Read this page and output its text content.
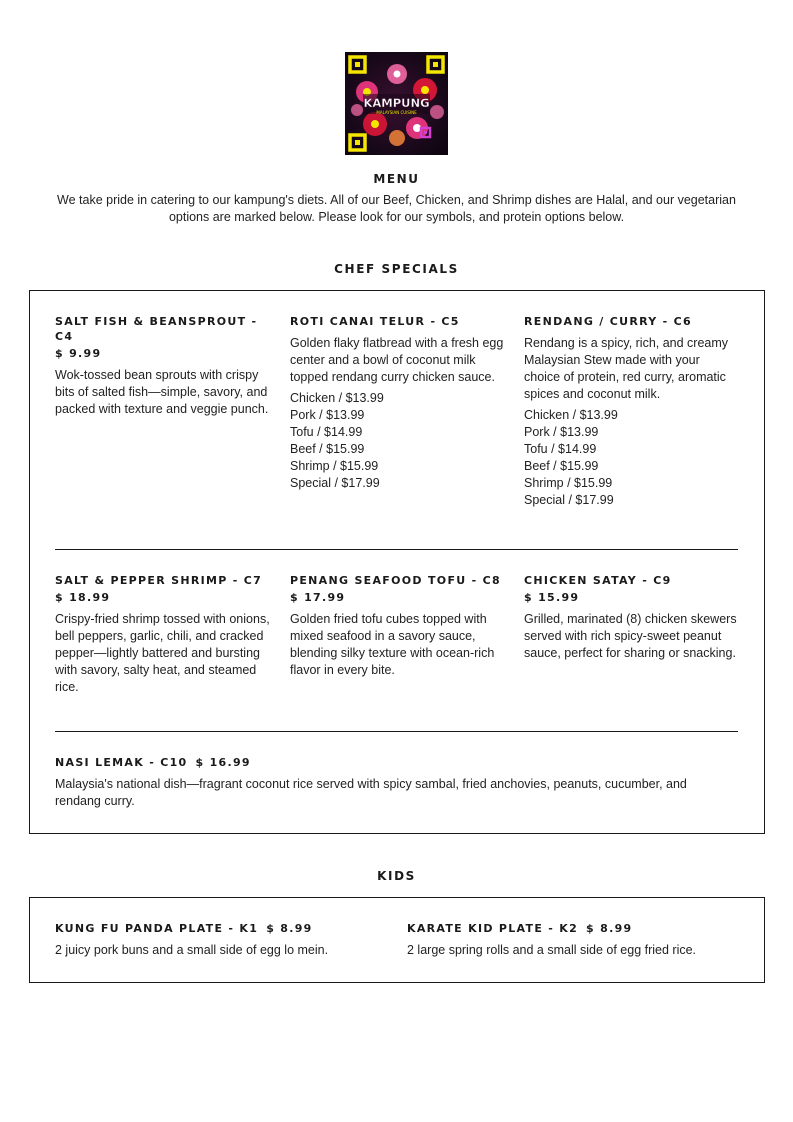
KAMPUNG
MALAYSIAN CUISINE
MENU
We take pride in catering to our kampung's diets. All of our Beef, Chicken, and Shrimp dishes are Halal, and our vegetarian options are marked below. Please look for our symbols, and protein options below.
CHEF SPECIALS
SALT FISH & BEANSPROUT - C4
$ 9.99
Wok-tossed bean sprouts with crispy bits of salted fish—simple, savory, and packed with texture and veggie punch.
ROTI CANAI TELUR - C5
Golden flaky flatbread with a fresh egg center and a bowl of coconut milk topped rendang curry chicken sauce.
Chicken / $13.99
Pork / $13.99
Tofu / $14.99
Beef / $15.99
Shrimp / $15.99
Special / $17.99
RENDANG / CURRY - C6
Rendang is a spicy, rich, and creamy Malaysian Stew made with your choice of protein, red curry, aromatic spices and coconut milk.
Chicken / $13.99
Pork / $13.99
Tofu / $14.99
Beef / $15.99
Shrimp / $15.99
Special / $17.99
SALT & PEPPER SHRIMP - C7
$ 18.99
Crispy-fried shrimp tossed with onions, bell peppers, garlic, chili, and cracked pepper—lightly battered and bursting with savory, salty heat, and steamed rice.
PENANG SEAFOOD TOFU - C8
$ 17.99
Golden fried tofu cubes topped with mixed seafood in a savory sauce, blending silky texture with ocean-rich flavor in every bite.
CHICKEN SATAY - C9
$ 15.99
Grilled, marinated (8) chicken skewers served with rich spicy-sweet peanut sauce, perfect for sharing or snacking.
NASI LEMAK - C10 $ 16.99
Malaysia's national dish—fragrant coconut rice served with spicy sambal, fried anchovies, peanuts, cucumber, and rendang curry.
KIDS
KUNG FU PANDA PLATE - K1 $ 8.99
2 juicy pork buns and a small side of egg lo mein.
KARATE KID PLATE - K2 $ 8.99
2 large spring rolls and a small side of egg fried rice.
